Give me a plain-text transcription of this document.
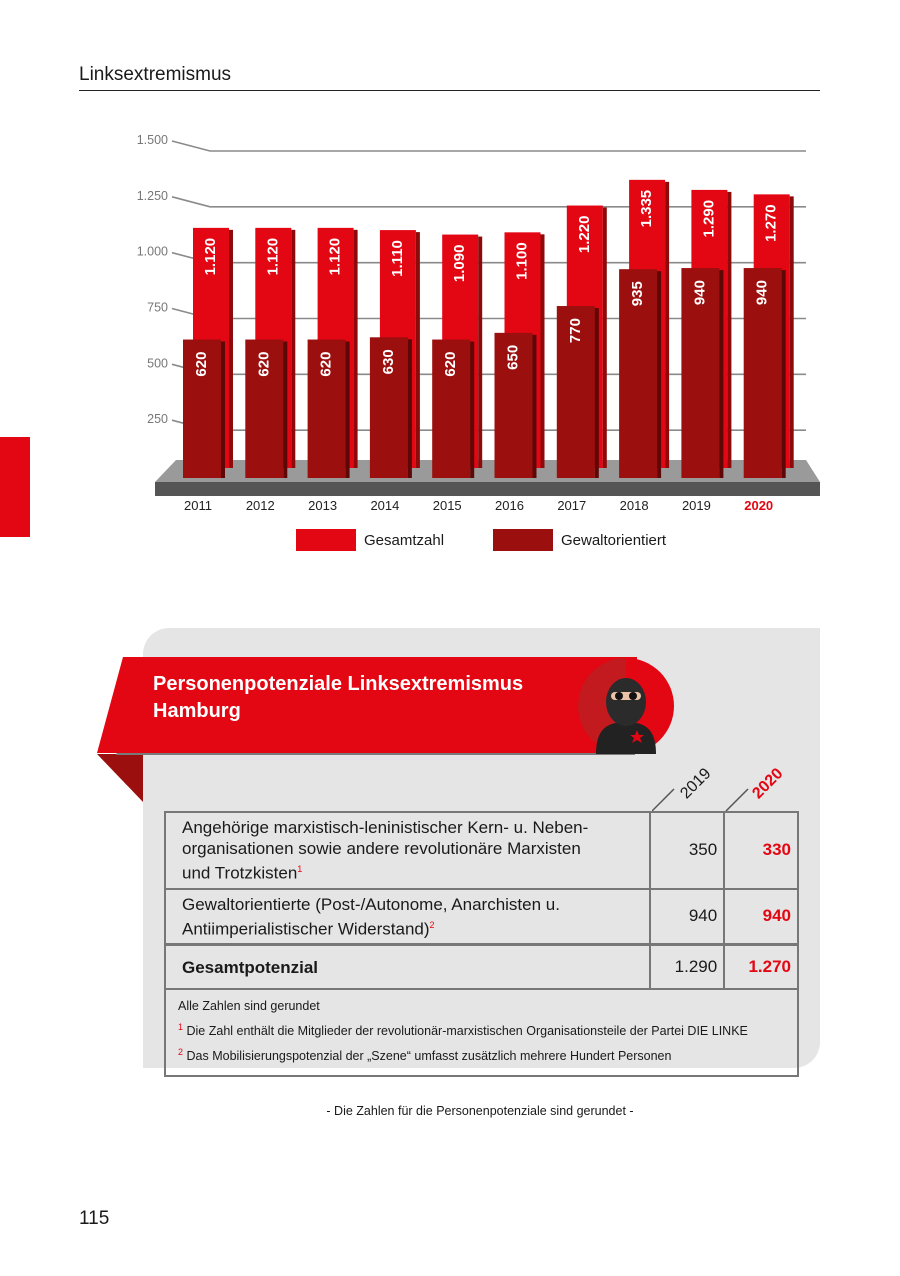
Linksextremismus
250
500
750
1.000
1.250
1.500
1.120
620
2011
1.120
620
2012
1.120
620
2013
1.110
630
2014
1.090
620
2015
1.100
650
2016
1.220
770
2017
1.335
935
2018
1.290
940
2019
1.270
940
2020
Gesamtzahl	Gewaltorientiert
Personenpotenziale Linksextremismus
Hamburg
2019 2020
Angehörige marxistisch-leninistischer Kern- u. Neben-
organisationen sowie andere revolutionäre Marxisten
und Trotzkisten$^1$	350	330

Gewaltorientierte (Post-/Autonome, Anarchisten u.
Antiimperialistischer Widerstand)$^2$	940	940
Gesamtpotenzial	1.290	1.270

Alle Zahlen sind gerundet
$^1$ Die Zahl enthält die Mitglieder der revolutionär-marxistischen Organisationsteile der Partei DIE LINKE
$^2$ Das Mobilisierungspotenzial der „Szene“ umfasst zusätzlich mehrere Hundert Personen		
- Die Zahlen für die Personenpotenziale sind gerundet -
115
